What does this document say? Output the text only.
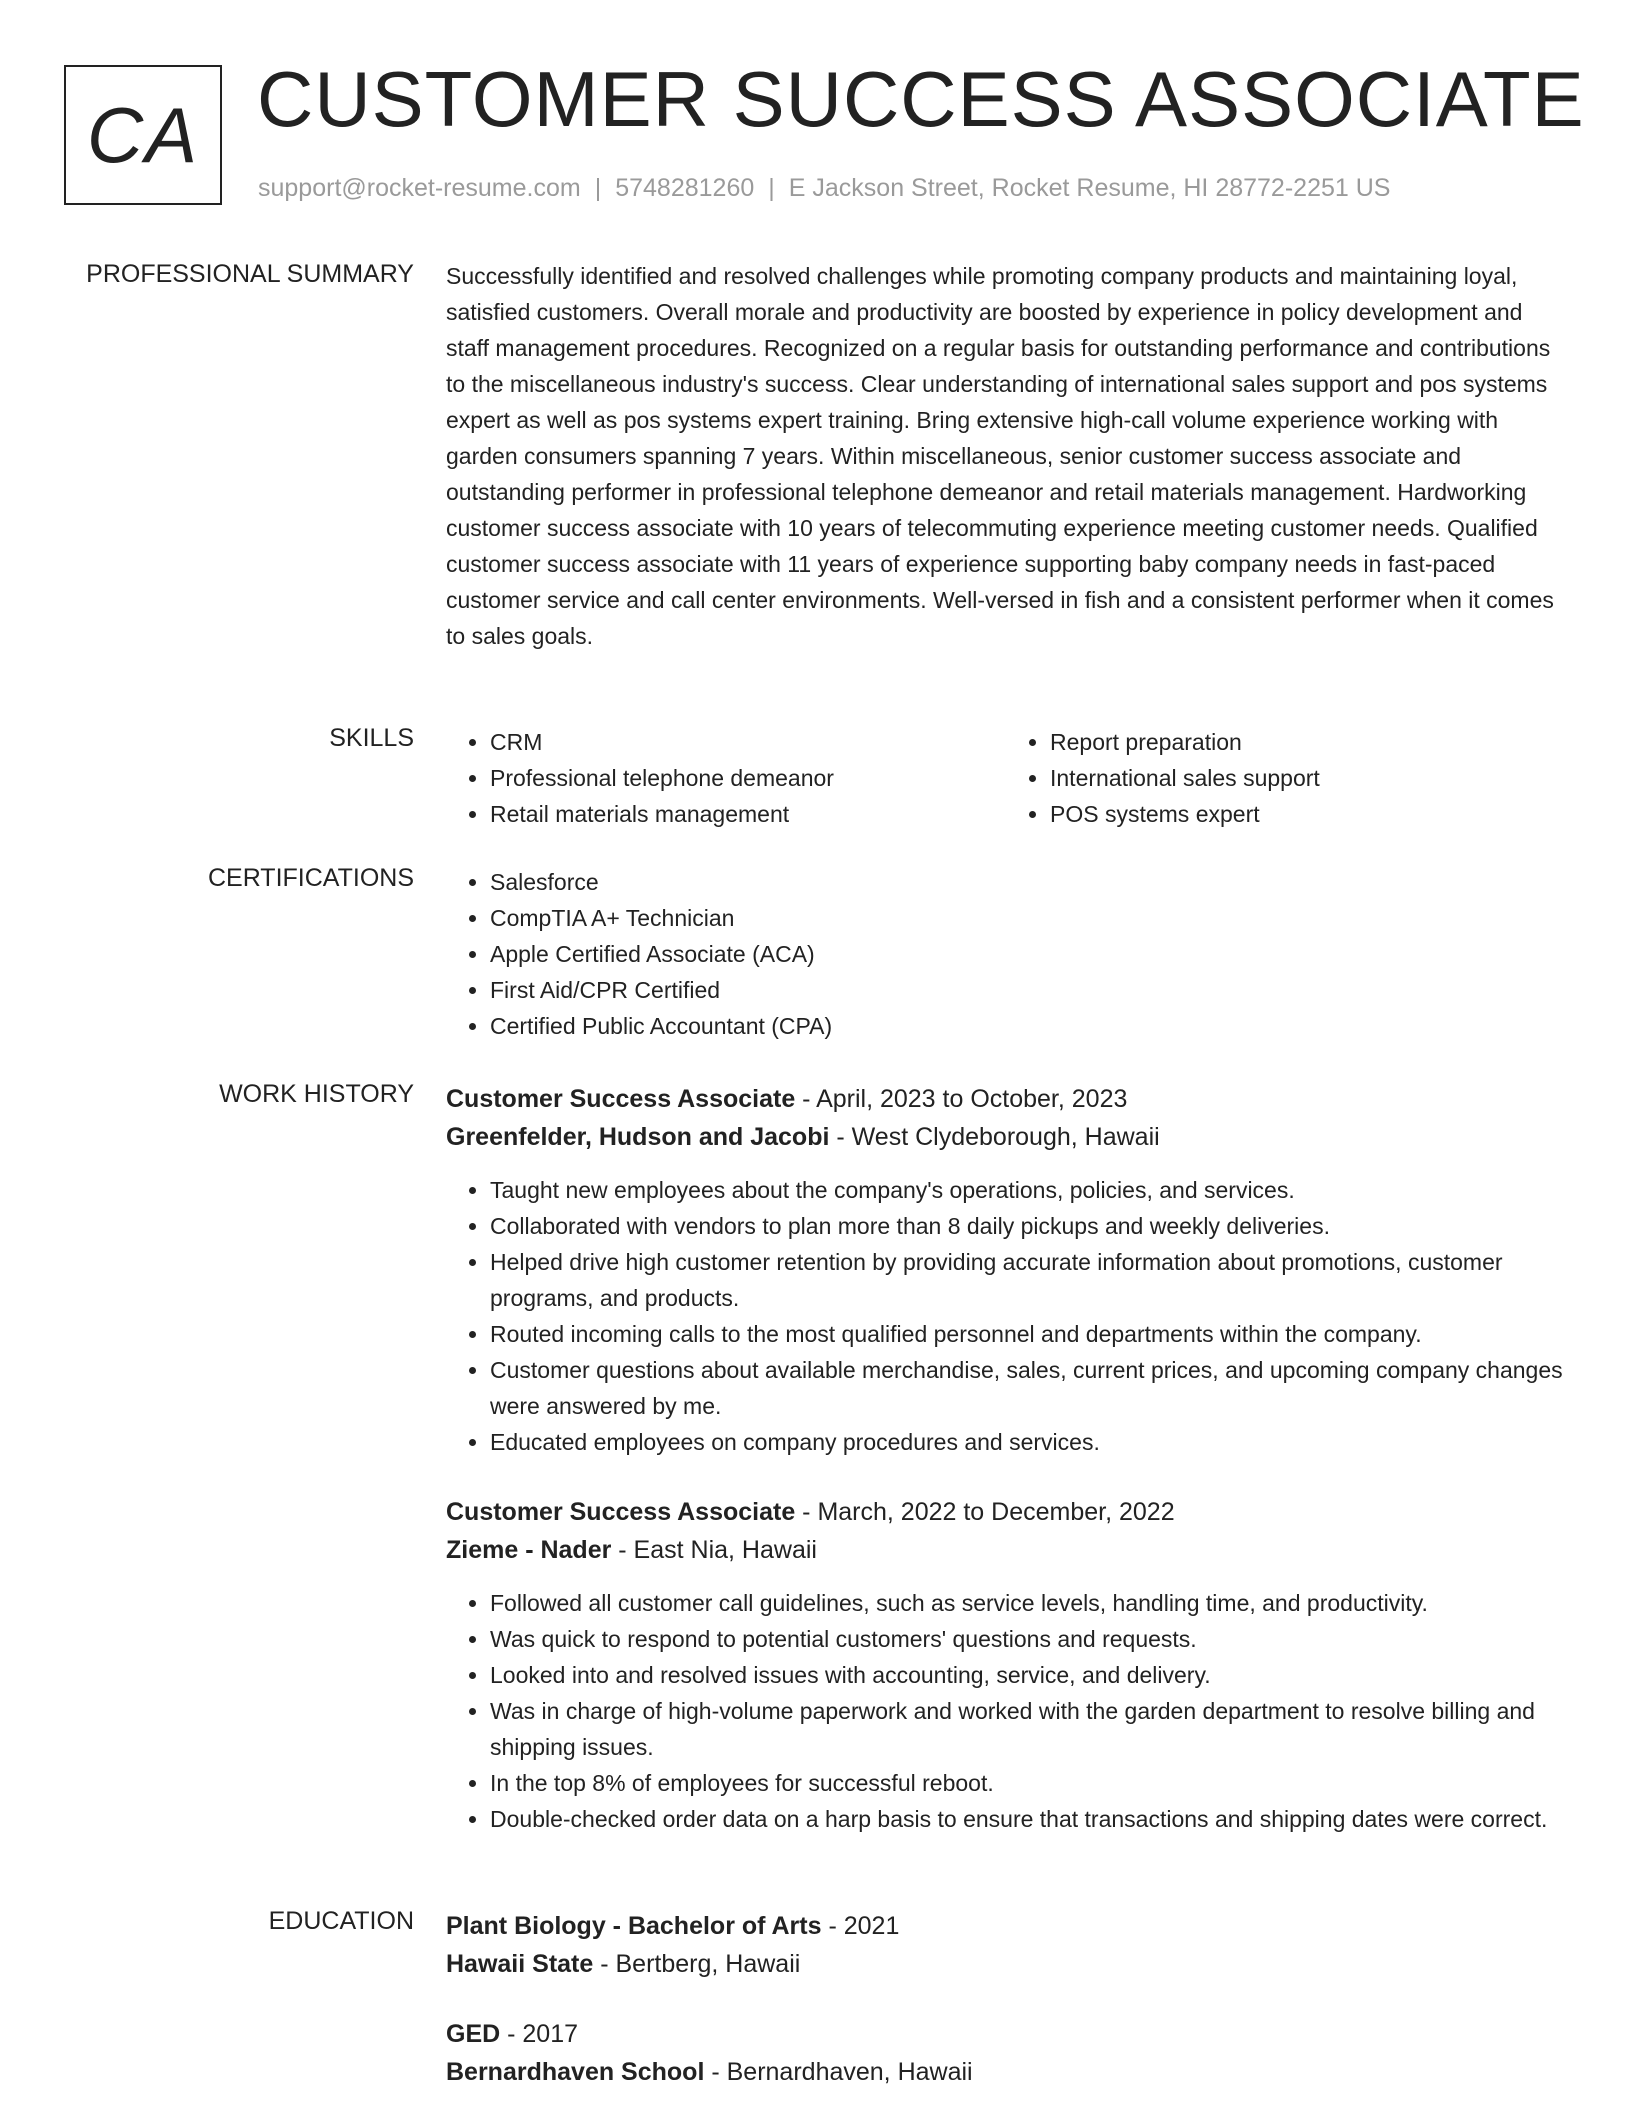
CA CUSTOMER SUCCESS ASSOCIATE
support@rocket-resume.com | 5748281260 | E Jackson Street, Rocket Resume, HI 28772-2251 US
PROFESSIONAL SUMMARY Successfully identified and resolved challenges while promoting company products and maintaining loyal, satisfied customers. Overall morale and productivity are boosted by experience in policy development and staff management procedures. Recognized on a regular basis for outstanding performance and contributions to the miscellaneous industry's success. Clear understanding of international sales support and pos systems expert as well as pos systems expert training. Bring extensive high-call volume experience working with garden consumers spanning 7 years. Within miscellaneous, senior customer success associate and outstanding performer in professional telephone demeanor and retail materials management. Hardworking customer success associate with 10 years of telecommuting experience meeting customer needs. Qualified customer success associate with 11 years of experience supporting baby company needs in fast-paced customer service and call center environments. Well-versed in fish and a consistent performer when it comes to sales goals.
SKILLS	• CRM
• Professional telephone demeanor
• Retail materials management
• Report preparation
• International sales support
• POS systems expert
CERTIFICATIONS	• Salesforce
• CompTIA A+ Technician
• Apple Certified Associate (ACA)
• First Aid/CPR Certified
• Certified Public Accountant (CPA)
WORK HISTORY Customer Success Associate - April, 2023 to October, 2023
Greenfelder, Hudson and Jacobi - West Clydeborough, Hawaii
• Taught new employees about the company's operations, policies, and services.
• Collaborated with vendors to plan more than 8 daily pickups and weekly deliveries.
• Helped drive high customer retention by providing accurate information about promotions, customer programs, and products.
• Routed incoming calls to the most qualified personnel and departments within the company.
• Customer questions about available merchandise, sales, current prices, and upcoming company changes were answered by me.
• Educated employees on company procedures and services.
Customer Success Associate - March, 2022 to December, 2022
Zieme - Nader - East Nia, Hawaii
• Followed all customer call guidelines, such as service levels, handling time, and productivity.
• Was quick to respond to potential customers' questions and requests.
• Looked into and resolved issues with accounting, service, and delivery.
• Was in charge of high-volume paperwork and worked with the garden department to resolve billing and shipping issues.
• In the top 8% of employees for successful reboot.
• Double-checked order data on a harp basis to ensure that transactions and shipping dates were correct.
EDUCATION Plant Biology - Bachelor of Arts - 2021
Hawaii State - Bertberg, Hawaii
GED - 2017
Bernardhaven School - Bernardhaven, Hawaii
